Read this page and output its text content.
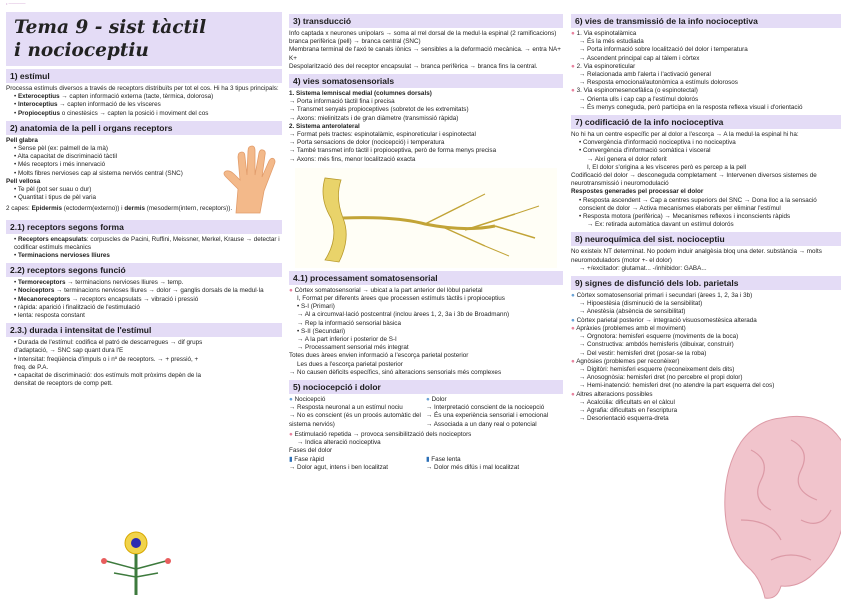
• ──────
Tema 9 - sist tàctil
i nocioceptiu
1) estímul

Processa estímuls diversos a través de receptors distribuïts per tot el cos. Hi ha 3 tipus principals:

• Exteroceptius → capten informació externa (tacte, tèrmica, dolorosa)

• Interoceptius → capten informació de les vísceres

• Propioceptius o cinestèsics → capten la posició i moviment del cos

2) anatomia de la pell i organs receptors

Pell glabra

• Sense pèl (ex: palmell de la mà)

• Alta capacitat de discriminació tàctil

• Més receptors i més innervació

• Molts fibres nervioses cap al sistema nerviós central (SNC)

Pell vellosa

• Te pèl (pot ser suau o dur)

• Quantitat i tipus de pèl varia

2 capes: Epidermis (ectoderm(externo)) i dermis (mesoderm(intern, receptors)).

2.1) receptors segons forma

• Receptors encapsulats: corpuscles de Pacini, Ruffini, Meissner, Merkel, Krause → detectar i codificar estímuls mecànics

• Terminacions nervioses lliures

2.2) receptors segons funció

• Termoreceptors → terminacions nervioses lliures → temp.

• Nociceptors → terminacions nervioses lliures → dolor → ganglis dorsals de la medul·la

• Mecanoreceptors → receptors encapsulats → vibració i pressió

• ràpida: aparició i finalització de l'estimulació

• lenta: resposta constant

2.3.) durada i intensitat de l'estímul

• Durada de l'estímul: codifica el patró de descarregues → dif grups d'adaptació, → SNC sap quant dura l'E

• Intensitat: freqüència d'impuls o i nº de receptors. → + pressió, + freq. de P.A.

• capacitat de discriminació: dos estímuls molt pròxims depèn de la densitat de receptors de comp pett.

3) transducció

Info captada x neurones unipolars → soma al rrel dorsal de la medul·la espinal (2 ramificacions)

branca perifèrica (pell) → branca central (SNC)

Membrana terminal de l'axó te canals iònics → sensibles a la deformació mecànica. → entra NA+ K+

Despolarització des del receptor encapsulat → branca perifèrica → branca fins la central.

4) vies somatosensorials

1. Sistema lemniscal medial (columnes dorsals)

→ Porta informació tàctil fina i precisa

→ Transmet senyals propioceptives (sobretot de les extremitats)

→ Axons: mielinitzats i de gran diàmetre (transmissió ràpida)

2. Sistema anterolateral

→ Format pels tractes: espinotalàmic, espinoreticular i espinotectal

→ Porta sensacions de dolor (nocicepció) i temperatura

→ També transmet info tàctil i propioceptiva, però de forma menys precisa

→ Axons: més fins, menor localització exacta

4.1) processament somatosensorial

● Còrtex somatosensorial → ubicat a la part anterior del lòbul parietal

I, Format per diferents àrees que processen estímuls tàctils i propioceptius

• S-I (Primari)

→ Al a circumval·lació postcentral (inclou àrees 1, 2, 3a i 3b de Broadmann)

→ Rep la informació sensorial bàsica

• S-II (Secundari)

→ A la part inferior i posterior de S-I

→ Processament sensorial més integrat

Totes dues àrees envien informació a l'escorça parietal posterior

Les dues a l'escorça parietal posterior

→ No causen dèficits específics, sinó alteracions sensorials més complexes

5) nociocepció i dolor

● Nocicepció

→ Resposta neuronal a un estímul nociu

→ No es conscient (és un procés automàtic del sistema nerviós)

● Dolor

→ Interpretació conscient de la nocicepció

→ És una experiència sensorial i emocional

→ Associada a un dany real o potencial

● Estimulació repetida → provoca sensibilització dels nociceptors

→ Indica alteració nociceptiva

Fases del dolor

▮ Fase ràpid

→ Dolor agut, intens i ben localitzat

▮ Fase lenta

→ Dolor més difús i mal localitzat

6) vies de transmissió de la info nocioceptiva

● 1. Via espinotalàmica

→ És la més estudiada

→ Porta informació sobre localització del dolor i temperatura

→ Ascendent principal cap al tàlem i còrtex

● 2. Via espinoreticular

→ Relacionada amb l'alerta i l'activació general

→ Resposta emocional/autonòmica a estímuls dolorosos

● 3. Via espinomesencefàlica (o espinotectal)

→ Orienta ulls i cap cap a l'estímul dolorós

→ És menys coneguda, però participa en la resposta reflexa visual i d'orientació

7) codificació de la info nocioceptiva

No hi ha un centre específic per al dolor a l'escorça → A la medul·la espinal hi ha:

• Convergència d'informació nociceptiva i no nociceptiva

• Convergència d'informació somàtica i visceral

→ Així genera el dolor referit

I, El dolor s'origina a les vísceres però es percep a la pell

Codificació del dolor → desconeguda completament → Intervenen diversos sistemes de neurotransmissió i neuromodulació

Respostes generades pel processar el dolor

• Resposta ascendent → Cap a centres superiors del SNC → Dona lloc a la sensació conscient de dolor → Activa mecanismes elaborats per eliminar l'estímul

• Resposta motora (perifèrica) → Mecanismes reflexos i inconscients ràpids

→ Ex: retirada automàtica davant un estímul dolorós

8) neuroquímica del sist. nocioceptiu

No existeix NT determinat. No podem induir analgèsia bloq una deter. substància → molts neuromoduladors (motor +- el dolor)

→ +/excitador: glutamat... -/inhibidor: GABA...

9) signes de disfunció dels lob. parietals

● Còrtex somatosensorial primari i secundari (àrees 1, 2, 3a i 3b)

→ Hipoestèsia (disminució de la sensibilitat)

→ Anestèsia (absència de sensibilitat)

● Còrtex parietal posterior → integració visuosomestèsica alterada

● Apràxies (problemes amb el moviment)

→ Orgnotora: hemisferi esquerre (moviments de la boca)

→ Constructiva: ambdós hemisferis (dibuixar, construir)

→ Del vestir: hemisferi dret (posar-se la roba)

● Agnòsies (problemes per reconèixer)

→ Digitòri: hemisferi esquerre (reconeixement dels dits)

→ Anosognòsia: hemisferi dret (no percebre el propi dolor)

→ Hemi-inatenció: hemisferi dret (no atendre la part esquerra del cos)

● Altres alteracions possibles

→ Acalcúlia: dificultats en el càlcul

→ Agrafia: dificultats en l'escriptura

→ Desorientació esquerra-dreta
